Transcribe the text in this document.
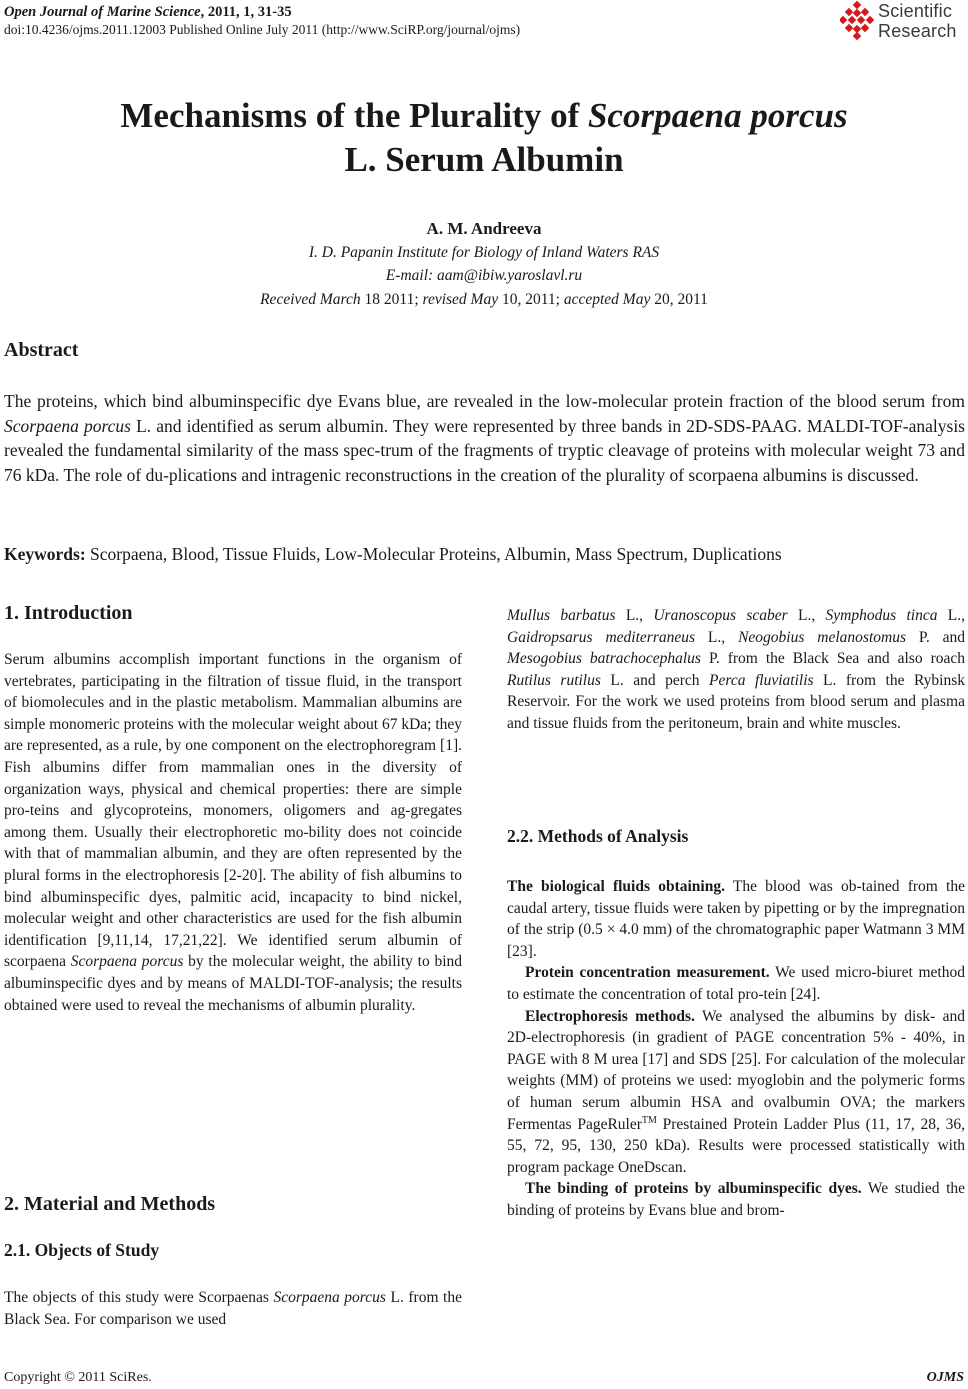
Open Journal of Marine Science, 2011, 1, 31-35
doi:10.4236/ojms.2011.12003 Published Online July 2011 (http://www.SciRP.org/journal/ojms)
Scientific
Research
Mechanisms of the Plurality of Scorpaena porcus
L. Serum Albumin
A. M. Andreeva
I. D. Papanin Institute for Biology of Inland Waters RAS
E-mail: aam@ibiw.yaroslavl.ru
Received March 18 2011; revised May 10, 2011; accepted May 20, 2011
Abstract
The proteins, which bind albuminspecific dye Evans blue, are revealed in the low-molecular protein fraction of the blood serum from Scorpaena porcus L. and identified as serum albumin. They were represented by three bands in 2D-SDS-PAAG. MALDI-TOF-analysis revealed the fundamental similarity of the mass spec-trum of the fragments of tryptic cleavage of proteins with molecular weight 73 and 76 kDa. The role of du-plications and intragenic reconstructions in the creation of the plurality of scorpaena albumins is discussed.
Keywords: Scorpaena, Blood, Tissue Fluids, Low-Molecular Proteins, Albumin, Mass Spectrum, Duplications
1. Introduction

Serum albumins accomplish important functions in the organism of vertebrates, participating in the filtration of tissue fluid, in the transport of biomolecules and in the plastic metabolism. Mammalian albumins are simple monomeric proteins with the molecular weight about 67 kDa; they are represented, as a rule, by one component on the electrophoregram [1]. Fish albumins differ from mammalian ones in the diversity of organization ways, physical and chemical properties: there are simple pro-teins and glycoproteins, monomers, oligomers and ag-gregates among them. Usually their electrophoretic mo-bility does not coincide with that of mammalian albumin, and they are often represented by the plural forms in the electrophoresis [2-20]. The ability of fish albumins to bind albuminspecific dyes, palmitic acid, incapacity to bind nickel, molecular weight and other characteristics are used for the fish albumin identification [9,11,14, 17,21,22]. We identified serum albumin of scorpaena Scorpaena porcus by the molecular weight, the ability to bind albuminspecific dyes and by means of MALDI-TOF-analysis; the results obtained were used to reveal the mechanisms of albumin plurality.

2. Material and Methods
2.1. Objects of Study

The objects of this study were Scorpaenas Scorpaena porcus L. from the Black Sea. For comparison we used

Mullus barbatus L., Uranoscopus scaber L., Symphodus tinca L., Gaidropsarus mediterraneus L., Neogobius melanostomus P. and Mesogobius batrachocephalus P. from the Black Sea and also roach Rutilus rutilus L. and perch Perca fluviatilis L. from the Rybinsk Reservoir. For the work we used proteins from blood serum and plasma and tissue fluids from the peritoneum, brain and white muscles.

2.2. Methods of Analysis

The biological fluids obtaining. The blood was ob-tained from the caudal artery, tissue fluids were taken by pipetting or by the impregnation of the strip (0.5 × 4.0 mm) of the chromatographic paper Watmann 3 MM [23].

Protein concentration measurement. We used micro-biuret method to estimate the concentration of total pro-tein [24].

Electrophoresis methods. We analysed the albumins by disk- and 2D-electrophoresis (in gradient of PAGE concentration 5% - 40%, in PAGE with 8 M urea [17] and SDS [25]. For calculation of the molecular weights (MM) of proteins we used: myoglobin and the polymeric forms of human serum albumin HSA and ovalbumin OVA; the markers Fermentas PageRuler™ Prestained Protein Ladder Plus (11, 17, 28, 36, 55, 72, 95, 130, 250 kDa). Results were processed statistically with program package OneDscan.

The binding of proteins by albuminspecific dyes. We studied the binding of proteins by Evans blue and brom-

Copyright © 2011 SciRes.	OJMS
